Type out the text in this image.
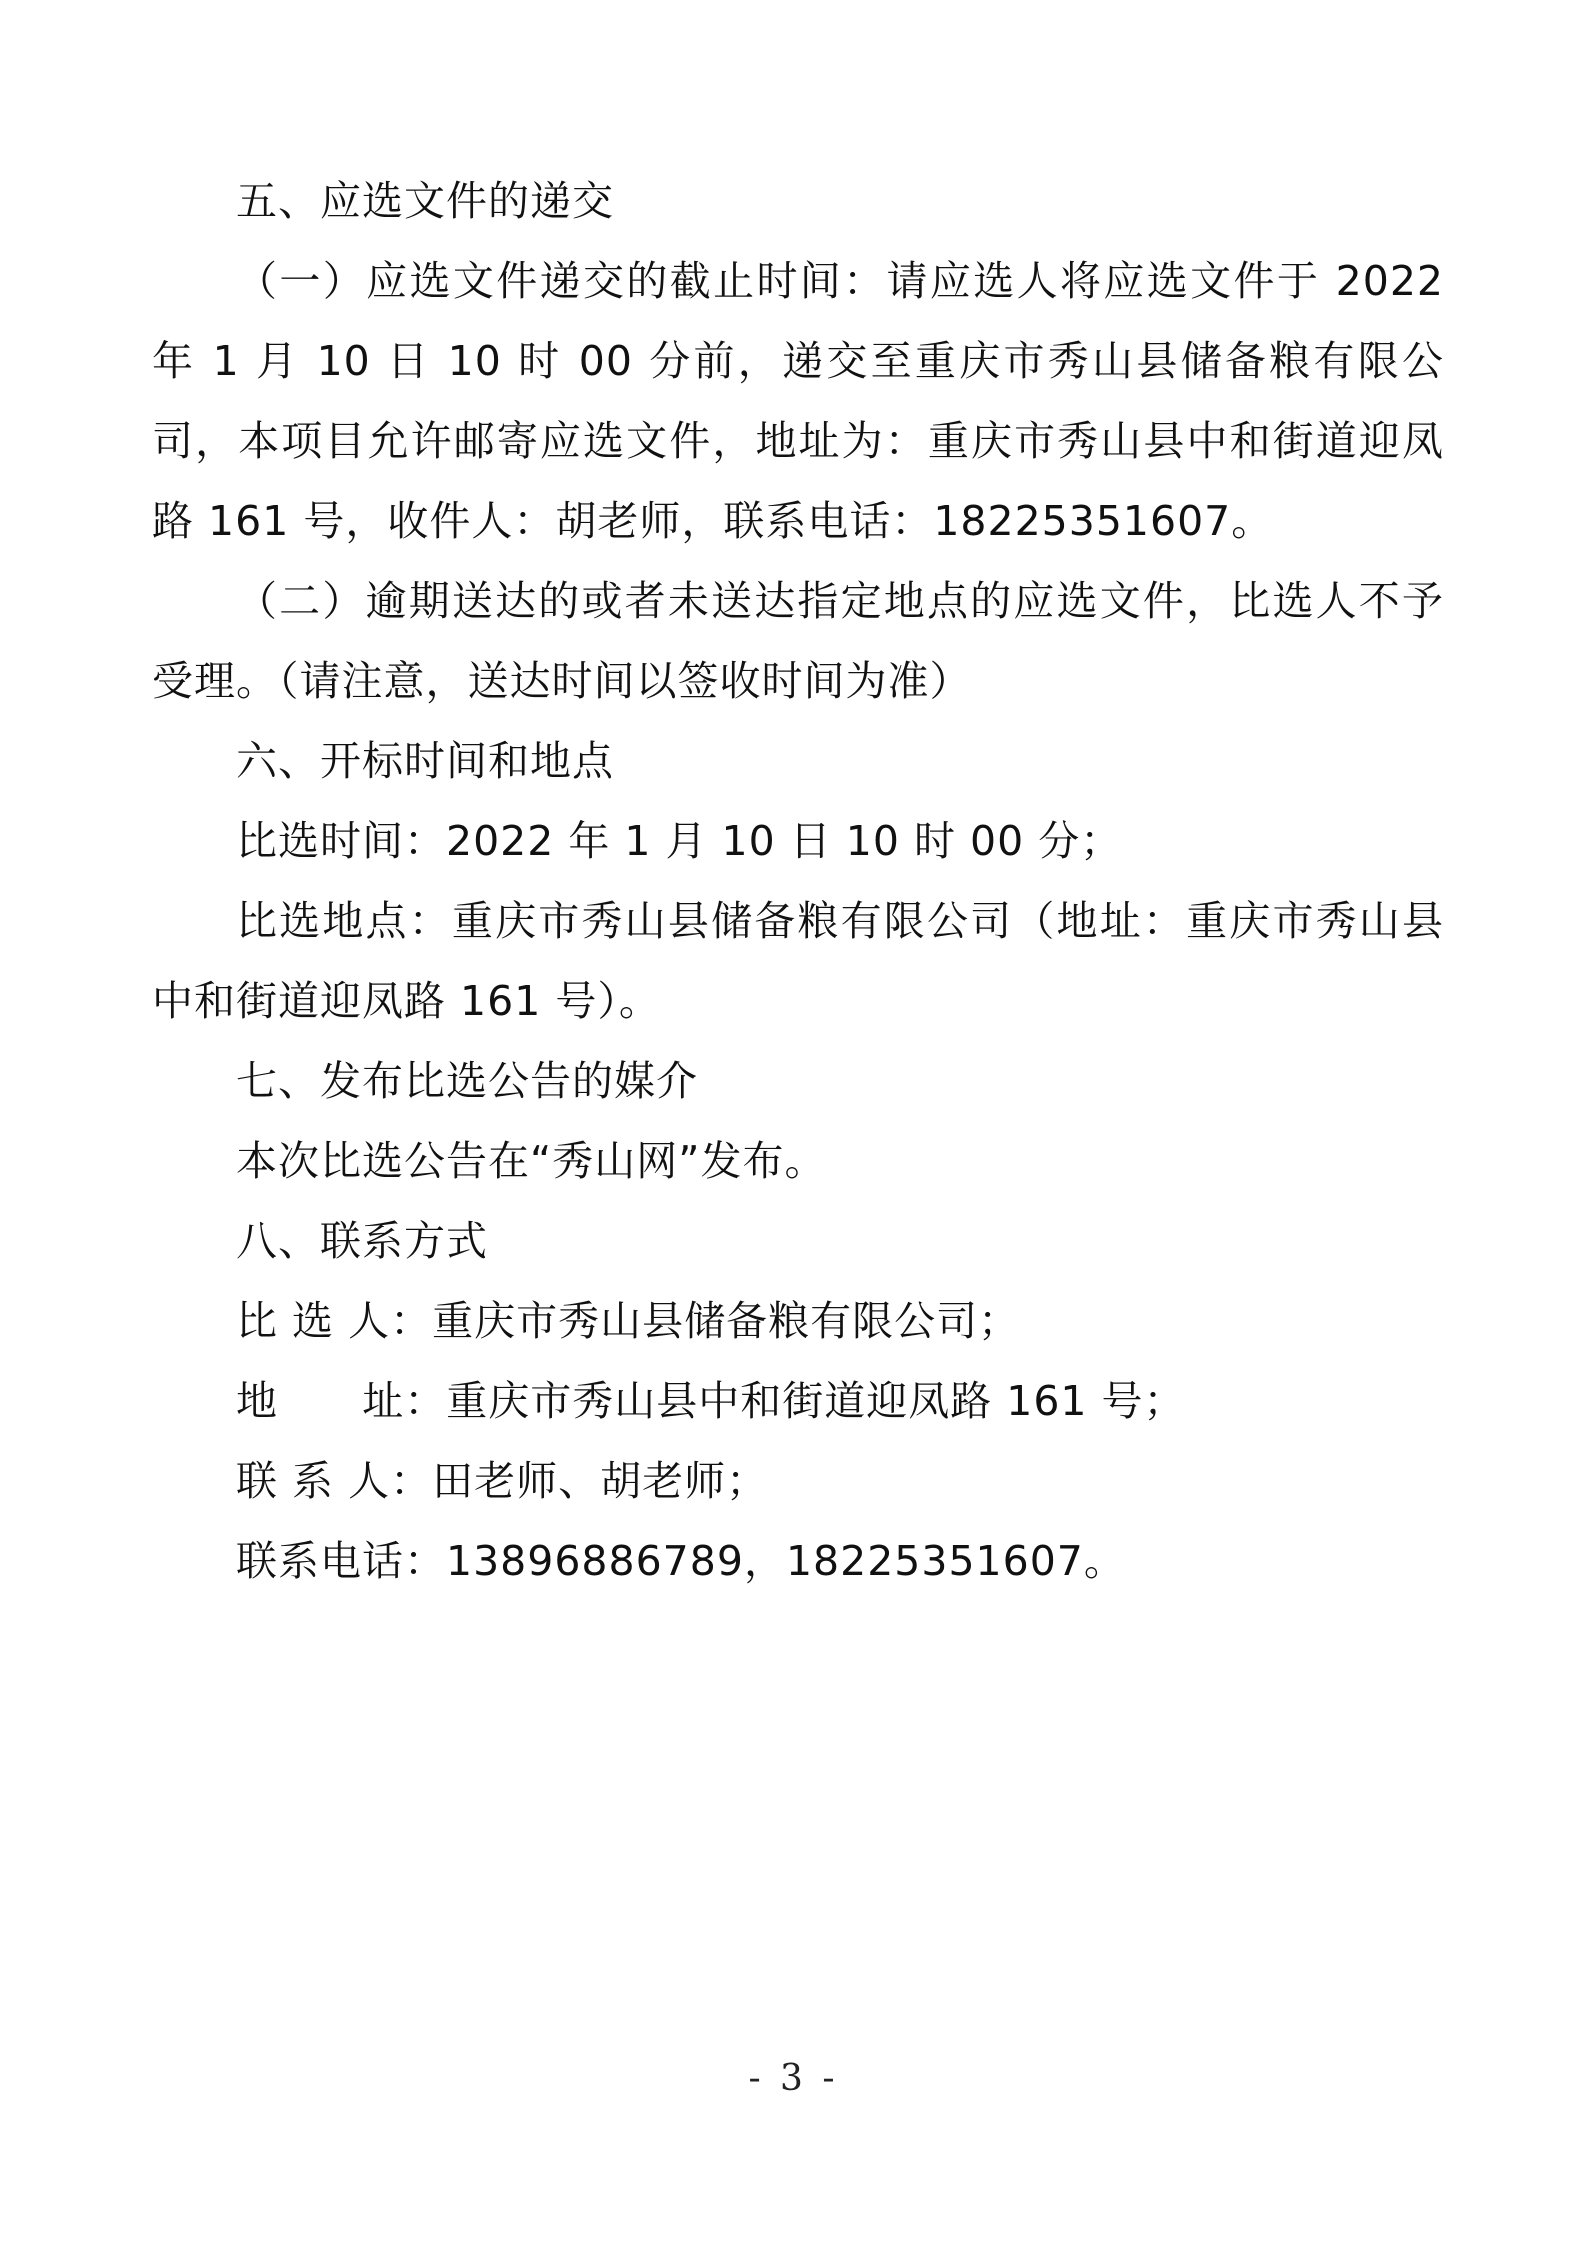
五、应选文件的递交

（一）应选文件递交的截止时间：请应选人将应选文件于 2022 年 1 月 10 日 10 时 00 分前，递交至重庆市秀山县储备粮有限公司，本项目允许邮寄应选文件，地址为：重庆市秀山县中和街道迎凤路 161 号，收件人：胡老师，联系电话：18225351607。

（二）逾期送达的或者未送达指定地点的应选文件，比选人不予受理。（请注意，送达时间以签收时间为准）

六、开标时间和地点

比选时间：2022 年 1 月 10 日 10 时 00 分；

比选地点：重庆市秀山县储备粮有限公司（地址：重庆市秀山县中和街道迎凤路 161 号）。

七、发布比选公告的媒介

本次比选公告在“秀山网”发布。

八、联系方式

比 选 人：重庆市秀山县储备粮有限公司；

地      址：重庆市秀山县中和街道迎凤路 161 号；

联 系 人：田老师、胡老师；

联系电话：13896886789，18225351607。

- 3 -
